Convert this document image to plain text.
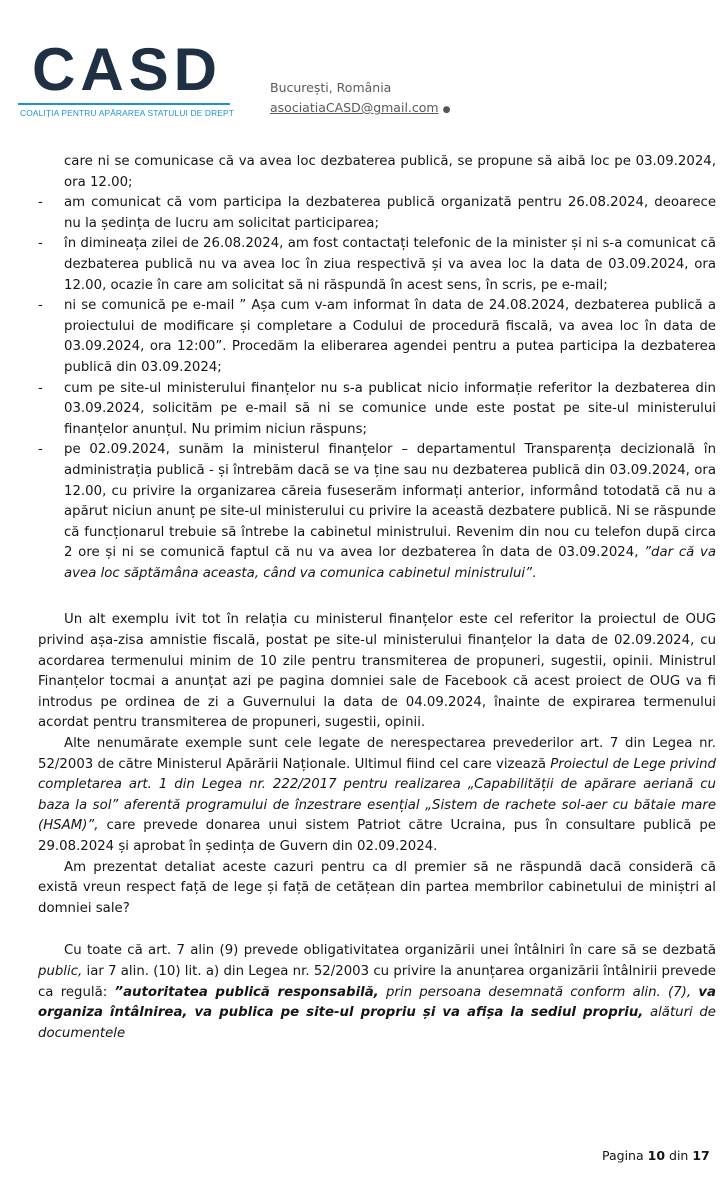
CASD
COALIȚIA PENTRU APĂRAREA STATULUI DE DREPT
București, România
asociatiaCASD@gmail.com ●

care ni se comunicase că va avea loc dezbaterea publică, se propune să aibă loc pe 03.09.2024, ora 12.00;

- am comunicat că vom participa la dezbaterea publică organizată pentru 26.08.2024, deoarece nu la ședința de lucru am solicitat participarea;

- în dimineața zilei de 26.08.2024, am fost contactați telefonic de la minister și ni s-a comunicat că dezbaterea publică nu va avea loc în ziua respectivă și va avea loc la data de 03.09.2024, ora 12.00, ocazie în care am solicitat să ni răspundă în acest sens, în scris, pe e-mail;

- ni se comunică pe e-mail ” Așa cum v-am informat în data de 24.08.2024, dezbaterea publică a proiectului de modificare și completare a Codului de procedură fiscală, va avea loc în data de 03.09.2024, ora 12:00”. Procedăm la eliberarea agendei pentru a putea participa la dezbaterea publică din 03.09.2024;

- cum pe site-ul ministerului finanțelor nu s-a publicat nicio informație referitor la dezbaterea din 03.09.2024, solicităm pe e-mail să ni se comunice unde este postat pe site-ul ministerului finanțelor anunțul. Nu primim niciun răspuns;

- pe 02.09.2024, sunăm la ministerul finanțelor – departamentul Transparența decizională în administrația publică - și întrebăm dacă se va ține sau nu dezbaterea publică din 03.09.2024, ora 12.00, cu privire la organizarea căreia fuseserăm informați anterior, informând totodată că nu a apărut niciun anunț pe site-ul ministerului cu privire la această dezbatere publică. Ni se răspunde că funcționarul trebuie să întrebe la cabinetul ministrului. Revenim din nou cu telefon după circa 2 ore și ni se comunică faptul că nu va avea lor dezbaterea în data de 03.09.2024, ”dar că va avea loc săptămâna aceasta, când va comunica cabinetul ministrului”.

Un alt exemplu ivit tot în relația cu ministerul finanțelor este cel referitor la proiectul de OUG privind așa-zisa amnistie fiscală, postat pe site-ul ministerului finanțelor la data de 02.09.2024, cu acordarea termenului minim de 10 zile pentru transmiterea de propuneri, sugestii, opinii. Ministrul Finanțelor tocmai a anunțat azi pe pagina domniei sale de Facebook că acest proiect de OUG va fi introdus pe ordinea de zi a Guvernului la data de 04.09.2024, înainte de expirarea termenului acordat pentru transmiterea de propuneri, sugestii, opinii.

Alte nenumărate exemple sunt cele legate de nerespectarea prevederilor art. 7 din Legea nr. 52/2003 de către Ministerul Apărării Naționale. Ultimul fiind cel care vizează Proiectul de Lege privind completarea art. 1 din Legea nr. 222/2017 pentru realizarea „Capabilității de apărare aeriană cu baza la sol” aferentă programului de înzestrare esențial „Sistem de rachete sol-aer cu bătaie mare (HSAM)”, care prevede donarea unui sistem Patriot către Ucraina, pus în consultare publică pe 29.08.2024 și aprobat în ședința de Guvern din 02.09.2024.

Am prezentat detaliat aceste cazuri pentru ca dl premier să ne răspundă dacă consideră că există vreun respect față de lege și față de cetățean din partea membrilor cabinetului de miniștri al domniei sale?

Cu toate că art. 7 alin (9) prevede obligativitatea organizării unei întâlniri în care să se dezbată public, iar 7 alin. (10) lit. a) din Legea nr. 52/2003 cu privire la anunțarea organizării întâlnirii prevede ca regulă: ”autoritatea publică responsabilă, prin persoana desemnată conform alin. (7), va organiza întâlnirea, va publica pe site-ul propriu și va afișa la sediul propriu, alături de documentele

Pagina 10 din 17
